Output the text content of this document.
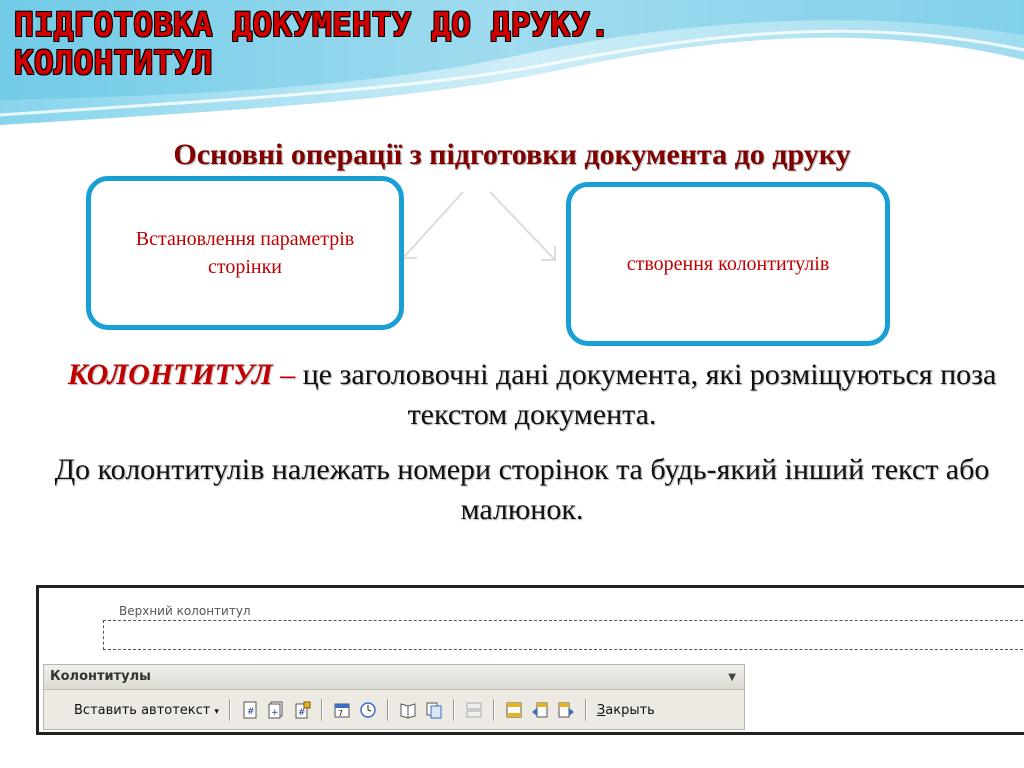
ПІДГОТОВКА ДОКУМЕНТУ ДО ДРУКУ.
КОЛОНТИТУЛ
Основні операції з підготовки документа до друку
Встановлення параметрів сторінки	створення колонтитулів
КОЛОНТИТУЛ – це заголовочні дані документа, які розміщуються поза текстом документа.
До колонтитулів належать номери сторінок та будь-який інший текст або малюнок.
Верхний колонтитул
Колонтитулы	▼
Вставить автотекст ▾	# + #	7	Закрыть
